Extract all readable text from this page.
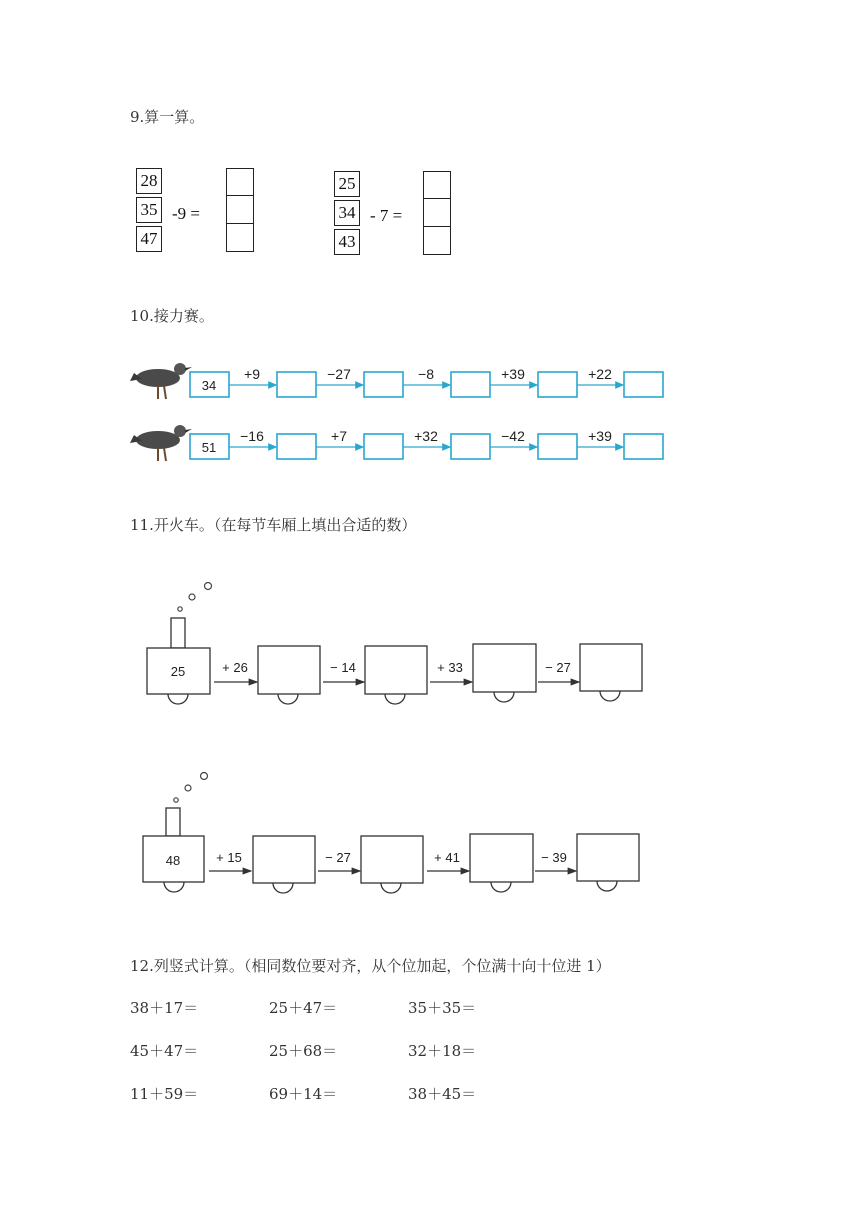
9.算一算。
28
35
47
-9 =
25
34
43
- 7 =
10.接力赛。
34
+9	−27	−8	+39	+22
51
−16	+7	+32	−42	+39
11.开火车。（在每节车厢上填出合适的数）
25	+ 26	− 14	+ 33	− 27
48	+ 15	− 27	+ 41	− 39
12.列竖式计算。（相同数位要对齐，从个位加起，个位满十向十位进 1）
38＋17＝	25＋47＝	35＋35＝
45＋47＝	25＋68＝	32＋18＝
11＋59＝	69＋14＝	38＋45＝
